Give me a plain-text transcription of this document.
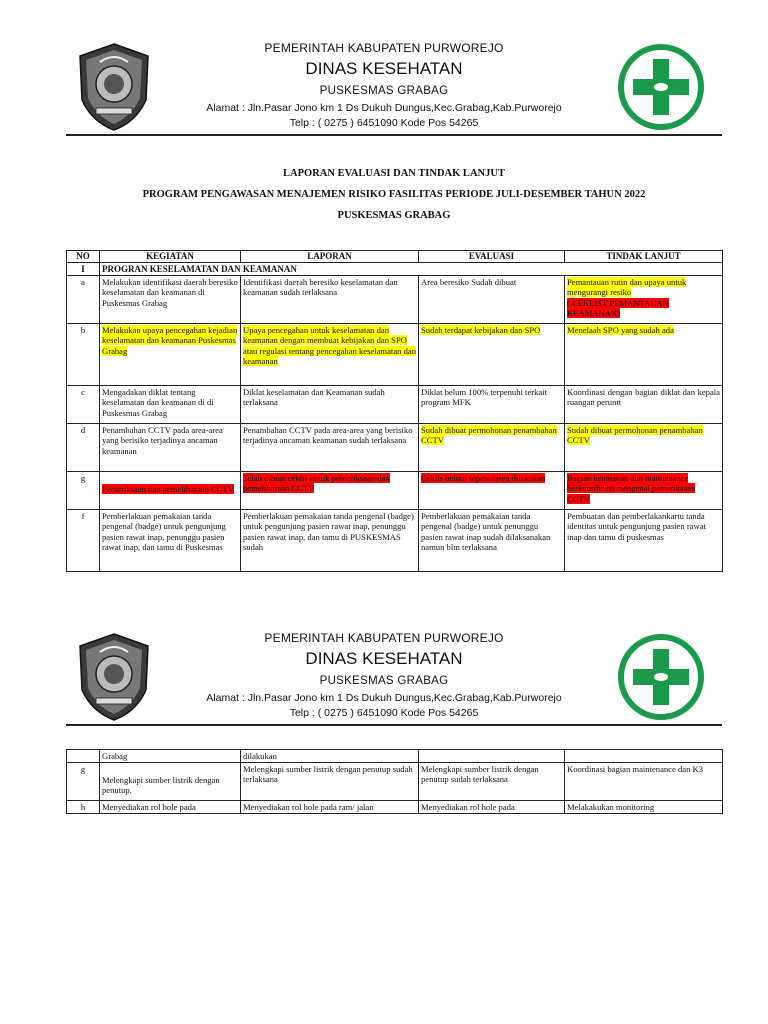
PEMERINTAH KABUPATEN PURWOREJO
DINAS KESEHATAN
PUSKESMAS GRABAG
Alamat : Jln.Pasar Jono km 1 Ds Dukuh Dungus,Kec.Grabag,Kab.Purworejo
Telp : ( 0275 ) 6451090 Kode Pos 54265
LAPORAN EVALUASI DAN TINDAK LANJUT
PROGRAM PENGAWASAN MENAJEMEN RISIKO FASILITAS PERIODE JULI-DESEMBER TAHUN 2022
PUSKESMAS GRABAG
NO	KEGIATAN	LAPORAN	EVALUASI	TINDAK LANJUT
I	PROGRAN KESELAMATAN DAN KEAMANAN			
a	Melakukan identifikasi daerah beresiko keselamatan dan keamanan di Puskesmas Grabag	Identifikasi daerah beresiko keselamatan dan keamanan sudah terlaksana	Area beresiko Sudah dibuat	Pemantauan rutin dan upaya untuk mengurangi resiko
( CEKLIST PEMANTAUAN KEAMANAN)
b	Melakukan upaya pencegahan kejadian keselamatan dan keamanan Puskesmas Grabag	Upaya pencegahan untuk keselamatan dan keamanan dengan membuat kebijakan dan SPO atau regulasi tentang pencegahan keselamatan dan keamanan	Sudah terdapat kebijakan dan SPO	Menelaah SPO yang sudah ada
c	Mengadakan diklat tentang keselamatan dan keamanan di di Puskesmas Grabag	Diklat keselamatan dan Keamanan sudah terlaksana	Diklat belum 100% terpenuhi terkait program MFK	Koordinasi dengan bagian diklat dan kepala ruangan peruntt
d	Penambahan CCTV pada area-area yang berisiko terjadinya ancaman keamanan	Penambahan CCTV pada area-area yang berisiko terjadinya ancaman keamanan sudah terlaksana	Sudah dibuat permohonan penambahan CCTV	Sudah dibuat permohonan penambahan CCTV
g	Pemeriksaan dan pemeliharaan CCTV	Telah dibuat ceklis untuk pemeriksaan dan pemeliharaan CCTV	Ceklis belum sepenuhnya dilakukan	Bagian keamanan dan maintenance berkoordinasi mengenai pemeriksaan CCTV
f	Pemberlakuan pemakaian tanda pengenal (badge) untuk pengunjung pasien rawat inap, penunggu pasien rawat inap, dan tamu di Puskesmas	Pemberlakuan pemakaian tanda pengenal (badge) untuk pengunjung pasien rawat inap, penunggu pasien rawat inap, dan tamu di PUSKESMAS sudah	Pemberlakuan pemakaian tanda pengenal (badge) untuk penunggu pasien rawat inap sudah dilaksanakan namun blm terlaksana	Pembuatan dan pemberlakankartu tanda identitas untuk pengunjung pasien rawat inap dan tamu di puskesmas
PEMERINTAH KABUPATEN PURWOREJO
DINAS KESEHATAN
PUSKESMAS GRABAG
Alamat : Jln.Pasar Jono km 1 Ds Dukuh Dungus,Kec.Grabag,Kab.Purworejo
Telp : ( 0275 ) 6451090 Kode Pos 54265
	Grabag	dilakukan		
g	Melengkapi sumber listrik dengan penutup.	Melengkapi sumber listrik dengan penutup sudah terlaksana	Melengkapi sumber listrik dengan penutup sudah terlaksana	Koordinasi bagian maintenance dan K3
h	Menyediakan rol hole pada	Menyediakan rol hole pada ram/ jalan	Menyediakan rol hole pada	Melakakukan monitoring
